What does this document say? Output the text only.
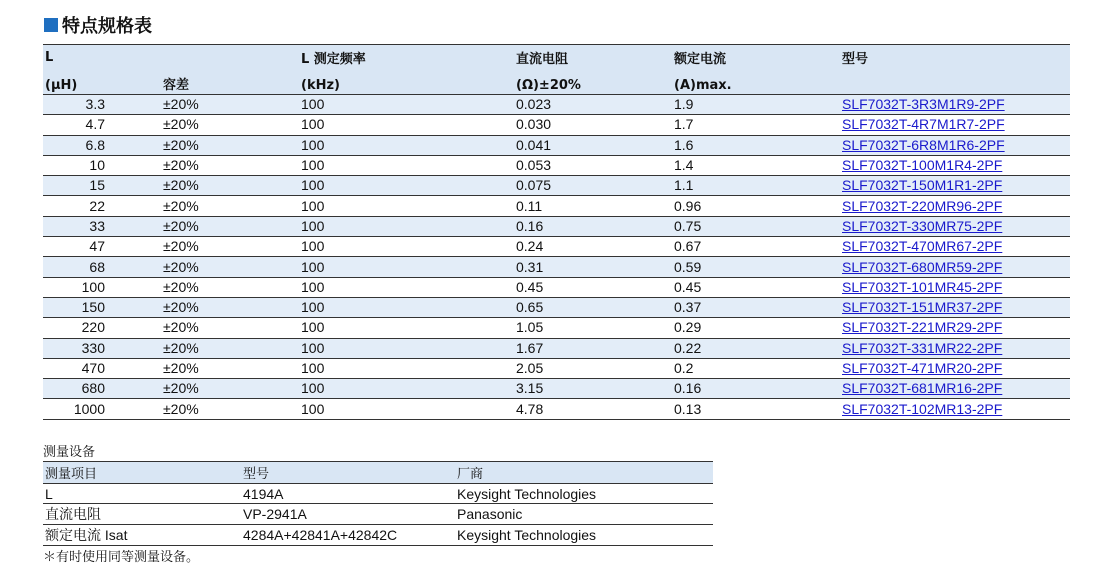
特点规格表
L		L 测定频率	直流电阻	额定电流	型号
(μH)	容差	(kHz)	(Ω)±20%	(A)max.	
3.3	±20%	100	0.023	1.9	SLF7032T-3R3M1R9-2PF
4.7	±20%	100	0.030	1.7	SLF7032T-4R7M1R7-2PF
6.8	±20%	100	0.041	1.6	SLF7032T-6R8M1R6-2PF
10	±20%	100	0.053	1.4	SLF7032T-100M1R4-2PF
15	±20%	100	0.075	1.1	SLF7032T-150M1R1-2PF
22	±20%	100	0.11	0.96	SLF7032T-220MR96-2PF
33	±20%	100	0.16	0.75	SLF7032T-330MR75-2PF
47	±20%	100	0.24	0.67	SLF7032T-470MR67-2PF
68	±20%	100	0.31	0.59	SLF7032T-680MR59-2PF
100	±20%	100	0.45	0.45	SLF7032T-101MR45-2PF
150	±20%	100	0.65	0.37	SLF7032T-151MR37-2PF
220	±20%	100	1.05	0.29	SLF7032T-221MR29-2PF
330	±20%	100	1.67	0.22	SLF7032T-331MR22-2PF
470	±20%	100	2.05	0.2	SLF7032T-471MR20-2PF
680	±20%	100	3.15	0.16	SLF7032T-681MR16-2PF
1000	±20%	100	4.78	0.13	SLF7032T-102MR13-2PF
测量设备
测量项目	型号	厂商
L	4194A	Keysight Technologies
直流电阻	VP-2941A	Panasonic
额定电流 Isat	4284A+42841A+42842C	Keysight Technologies
＊有时使用同等测量设备。
